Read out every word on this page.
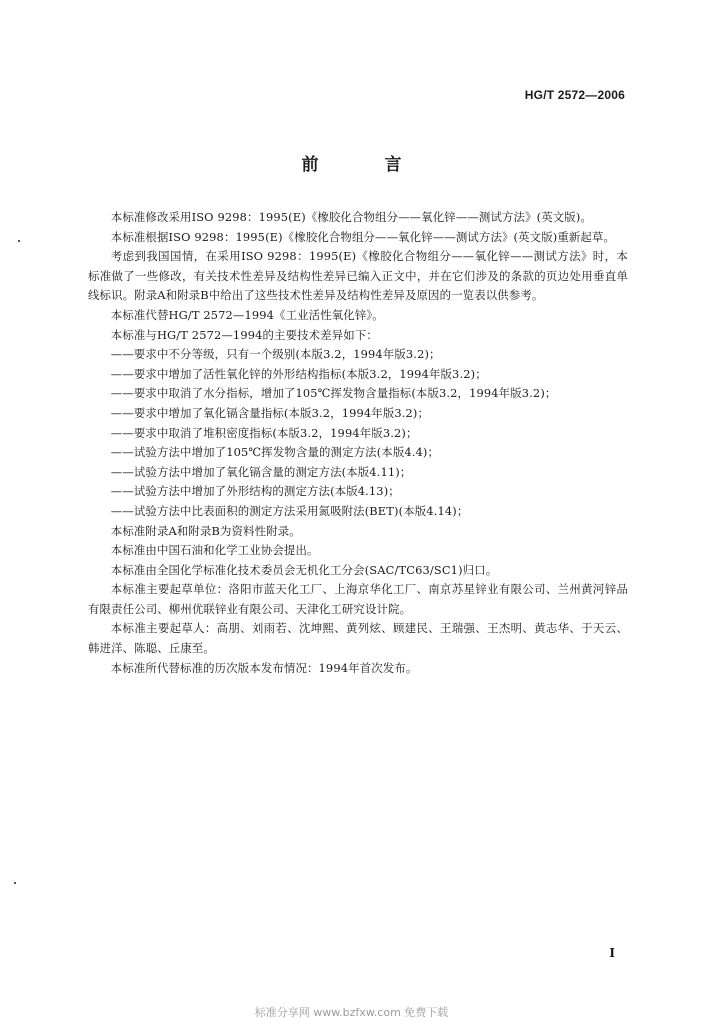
HG/T 2572—2006
前 言

本标准修改采用ISO 9298：1995(E)《橡胶化合物组分——氧化锌——测试方法》(英文版)。

本标准根据ISO 9298：1995(E)《橡胶化合物组分——氧化锌——测试方法》(英文版)重新起草。

考虑到我国国情，在采用ISO 9298：1995(E)《橡胶化合物组分——氧化锌——测试方法》时，本标准做了一些修改，有关技术性差异及结构性差异已编入正文中，并在它们涉及的条款的页边处用垂直单线标识。附录A和附录B中给出了这些技术性差异及结构性差异及原因的一览表以供参考。

本标准代替HG/T 2572—1994《工业活性氧化锌》。

本标准与HG/T 2572—1994的主要技术差异如下：

——要求中不分等级，只有一个级别(本版3.2，1994年版3.2)；

——要求中增加了活性氧化锌的外形结构指标(本版3.2，1994年版3.2)；

——要求中取消了水分指标，增加了105℃挥发物含量指标(本版3.2，1994年版3.2)；

——要求中增加了氧化镉含量指标(本版3.2，1994年版3.2)；

——要求中取消了堆积密度指标(本版3.2，1994年版3.2)；

——试验方法中增加了105℃挥发物含量的测定方法(本版4.4)；

——试验方法中增加了氧化镉含量的测定方法(本版4.11)；

——试验方法中增加了外形结构的测定方法(本版4.13)；

——试验方法中比表面积的测定方法采用氮吸附法(BET)(本版4.14)；

本标准附录A和附录B为资料性附录。

本标准由中国石油和化学工业协会提出。

本标准由全国化学标准化技术委员会无机化工分会(SAC/TC63/SC1)归口。

本标准主要起草单位：洛阳市蓝天化工厂、上海京华化工厂、南京苏星锌业有限公司、兰州黄河锌品有限责任公司、柳州优联锌业有限公司、天津化工研究设计院。

本标准主要起草人：高朋、刘雨若、沈坤熙、黄列炫、顾建民、王瑞强、王杰明、黄志华、于天云、韩进洋、陈聪、丘康至。

本标准所代替标准的历次版本发布情况：1994年首次发布。

I
标准分享网 www.bzfxw.com 免费下载
